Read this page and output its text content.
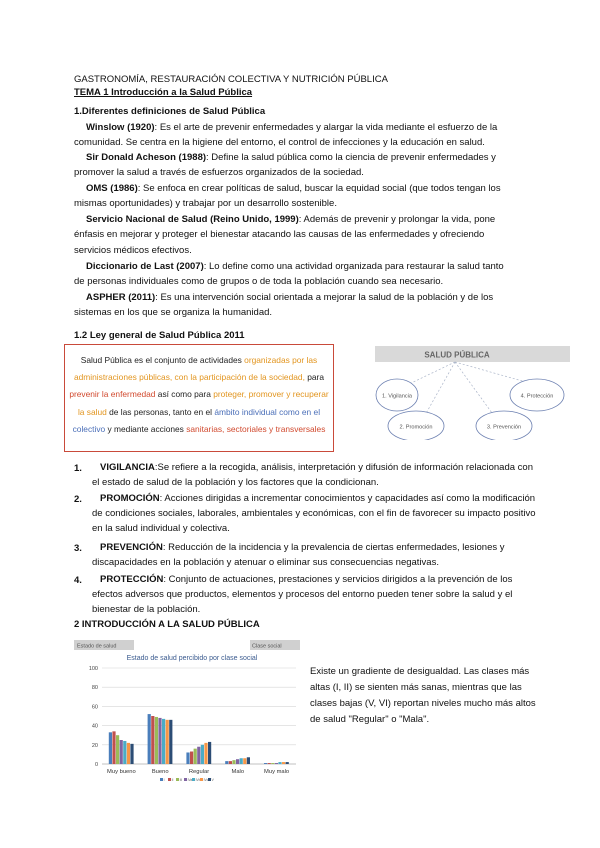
GASTRONOMÍA, RESTAURACIÓN COLECTIVA Y NUTRICIÓN PÚBLICA
TEMA 1 Introducción a la Salud Pública
1.Diferentes definiciones de Salud Pública
Winslow (1920): Es el arte de prevenir enfermedades y alargar la vida mediante el esfuerzo de la
comunidad. Se centra en la higiene del entorno, el control de infecciones y la educación en salud.
Sir Donald Acheson (1988): Define la salud pública como la ciencia de prevenir enfermedades y
promover la salud a través de esfuerzos organizados de la sociedad.
OMS (1986): Se enfoca en crear políticas de salud, buscar la equidad social (que todos tengan los
mismas oportunidades) y trabajar por un desarrollo sostenible.
Servicio Nacional de Salud (Reino Unido, 1999): Además de prevenir y prolongar la vida, pone
énfasis en mejorar y proteger el bienestar atacando las causas de las enfermedades y ofreciendo
servicios médicos efectivos.
Diccionario de Last (2007): Lo define como una actividad organizada para restaurar la salud tanto
de personas individuales como de grupos o de toda la población cuando sea necesario.
ASPHER (2011): Es una intervención social orientada a mejorar la salud de la población y de los
sistemas en los que se organiza la humanidad.
1.2 Ley general de Salud Pública 2011
Salud Pública es el conjunto de actividades organizadas por las administraciones públicas, con la participación de la sociedad, para prevenir la enfermedad así como para proteger, promover y recuperar la salud de las personas, tanto en el ámbito individual como en el colectivo y mediante acciones sanitarias, sectoriales y transversales
SALUD PÚBLICA
1. Vigilancia	4. Protección
2. Promoción	3. Prevención
1.	VIGILANCIA:Se refiere a la recogida, análisis, interpretación y difusión de información relacionada con el estado de salud de la población y los factores que la condicionan.
2.	PROMOCIÓN: Acciones dirigidas a incrementar conocimientos y capacidades así como la modificación de condiciones sociales, laborales, ambientales y económicas, con el fin de favorecer su impacto positivo en la salud individual y colectiva.
3.	PREVENCIÓN: Reducción de la incidencia y la prevalencia de ciertas enfermedades, lesiones y discapacidades en la población y atenuar o eliminar sus consecuencias negativas.
4.	PROTECCIÓN: Conjunto de actuaciones, prestaciones y servicios dirigidos a la prevención de los efectos adversos que productos, elementos y procesos del entorno pueden tener sobre la salud y el bienestar de la población.
2 INTRODUCCIÓN A LA SALUD PÚBLICA
Estado de salud	Clase social
Estado de salud percibido por clase social
100
80
60
40
20
0
Muy bueno	Bueno	Regular	Malo	Muy malo
I II III IVa IVb IVc V
Existe un gradiente de desigualdad. Las clases más altas (I, II) se sienten más sanas, mientras que las clases bajas (V, VI) reportan niveles mucho más altos de salud "Regular" o "Mala".
